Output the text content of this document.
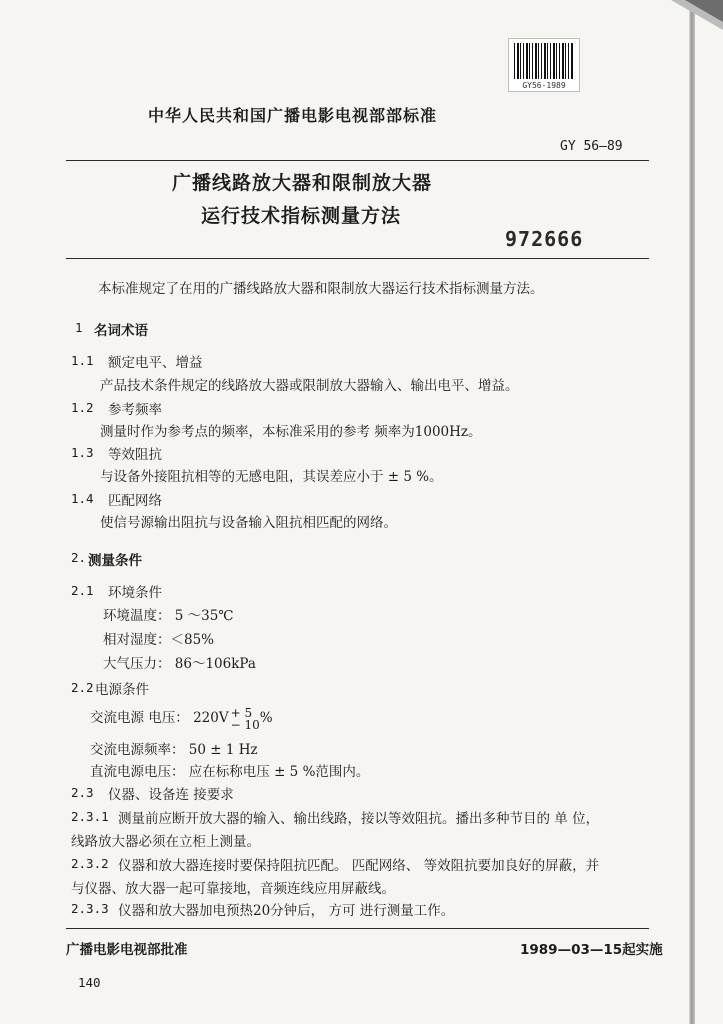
GY56-1989
中华人民共和国广播电影电视部部标准
GY 56—89
广播线路放大器和限制放大器
运行技术指标测量方法
972666
本标准规定了在用的广播线路放大器和限制放大器运行技术指标测量方法。
1 名词术语
1.1 额定电平、增益
产品技术条件规定的线路放大器或限制放大器输入、输出电平、增益。
1.2 参考频率
测量时作为参考点的频率，本标准采用的参考 频率为1000Hz。
1.3 等效阻抗
与设备外接阻抗相等的无感电阻，其误差应小于 ± 5 %。
1.4 匹配网络
使信号源输出阻抗与设备输入阻抗相匹配的网络。
2. 测量条件
2.1 环境条件
环境温度： 5 ～35℃
相对湿度：＜85%
大气压力： 86～106kPa
2.2 电源条件
交流电源 电压： 220V + 5
− 10 %
交流电源频率： 50 ± 1 Hz
直流电源电压： 应在标称电压 ± 5 %范围内。
2.3 仪器、设备连 接要求
2.3.1 测量前应断开放大器的输入、输出线路，接以等效阻抗。播出多种节目的 单 位，
线路放大器必须在立柜上测量。
2.3.2 仪器和放大器连接时要保持阻抗匹配。 匹配网络、 等效阻抗要加良好的屏蔽，并
与仪器、放大器一起可靠接地，音频连线应用屏蔽线。
2.3.3 仪器和放大器加电预热20分钟后， 方可 进行测量工作。
广播电影电视部批准	1989—03—15起实施
140
